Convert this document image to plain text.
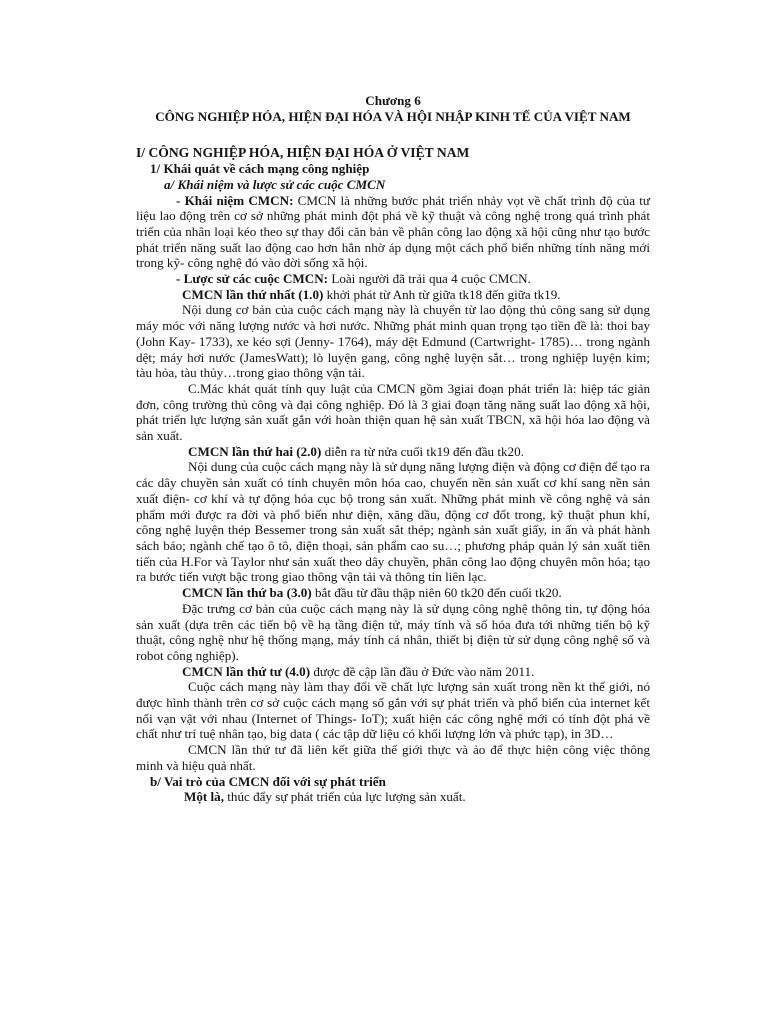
Chương 6

CÔNG NGHIỆP HÓA, HIỆN ĐẠI HÓA VÀ HỘI NHẬP KINH TẾ CỦA VIỆT NAM

I/ CÔNG NGHIỆP HÓA, HIỆN ĐẠI HÓA Ở VIỆT NAM

1/ Khái quát về cách mạng công nghiệp

a/ Khái niệm và lược sử các cuộc CMCN

- Khái niệm CMCN: CMCN là những bước phát triển nhảy vọt về chất trình độ của tư liệu lao động trên cơ sở những phát minh đột phá về kỹ thuật và công nghệ trong quá trình phát triển của nhân loại kéo theo sự thay đổi căn bản về phân công lao động xã hội cũng như tạo bước phát triển năng suất lao động cao hơn hẳn nhờ áp dụng một cách phổ biến những tính năng mới trong kỹ- công nghệ đó vào đời sống xã hội.

- Lược sử các cuộc CMCN: Loài người đã trải qua 4 cuộc CMCN.

CMCN lần thứ nhất (1.0) khởi phát từ Anh từ giữa tk18 đến giữa tk19.

Nội dung cơ bản của cuộc cách mạng này là chuyển từ lao động thủ công sang sử dụng máy móc với năng lượng nước và hơi nước. Những phát minh quan trọng tạo tiền đề là: thoi bay (John Kay- 1733), xe kéo sợi (Jenny- 1764), máy dệt Edmund (Cartwright- 1785)… trong ngành dệt; máy hơi nước (JamesWatt); lò luyện gang, công nghệ luyện sắt… trong nghiệp luyện kim; tàu hỏa, tàu thủy…trong giao thông vận tải.

C.Mác khát quát tính quy luật của CMCN gồm 3giai đoạn phát triển là: hiệp tác giản đơn, công trường thủ công và đại công nghiệp. Đó là 3 giai đoạn tăng năng suất lao động xã hội, phát triển lực lượng sản xuất gắn với hoàn thiện quan hệ sản xuất TBCN, xã hội hóa lao động và sản xuất.

CMCN lần thứ hai (2.0) diễn ra từ nửa cuối tk19 đến đầu tk20.

Nội dung của cuộc cách mạng này là sử dụng năng lượng điện và động cơ điện để tạo ra các dây chuyền sản xuất có tính chuyên môn hóa cao, chuyển nền sản xuất cơ khí sang nền sản xuất điện- cơ khí và tự động hóa cục bộ trong sản xuất. Những phát minh về công nghệ và sản phẩm mới được ra đời và phổ biến như điện, xăng dầu, động cơ đốt trong, kỹ thuật phun khí, công nghệ luyện thép Bessemer trong sản xuất sắt thép; ngành sản xuất giấy, in ấn và phát hành sách báo; ngành chế tạo ô tô, điện thoại, sản phẩm cao su…; phương pháp quản lý sản xuất tiên tiến của H.For và Taylor như sản xuất theo dây chuyền, phân công lao động chuyên môn hóa; tạo ra bước tiến vượt bậc trong giao thông vận tải và thông tin liên lạc.

CMCN lần thứ ba (3.0) bắt đầu từ đầu thập niên 60 tk20 đến cuối tk20.

Đặc trưng cơ bản của cuộc cách mạng này là sử dụng công nghệ thông tin, tự động hóa sản xuất (dựa trên các tiến bộ về hạ tầng điện tử, máy tính và số hóa đưa tới những tiến bộ kỹ thuật, công nghệ như hệ thống mạng, máy tính cá nhân, thiết bị điện tử sử dụng công nghệ số và robot công nghiệp).

CMCN lần thứ tư (4.0) được đề cập lần đầu ở Đức vào năm 2011.

Cuộc cách mạng này làm thay đổi về chất lực lượng sản xuất trong nền kt thế giới, nó được hình thành trên cơ sở cuộc cách mạng số gắn với sự phát triển và phổ biến của internet kết nối vạn vật với nhau (Internet of Things- IoT); xuất hiện các công nghệ mới có tính đột phá về chất như trí tuệ nhân tạo, big data ( các tập dữ liệu có khối lượng lớn và phức tạp), in 3D…

CMCN lần thứ tư đã liên kết giữa thế giới thực và ảo để thực hiện công việc thông minh và hiệu quả nhất.

b/ Vai trò của CMCN đối với sự phát triển

Một là, thúc đẩy sự phát triển của lực lượng sản xuất.
